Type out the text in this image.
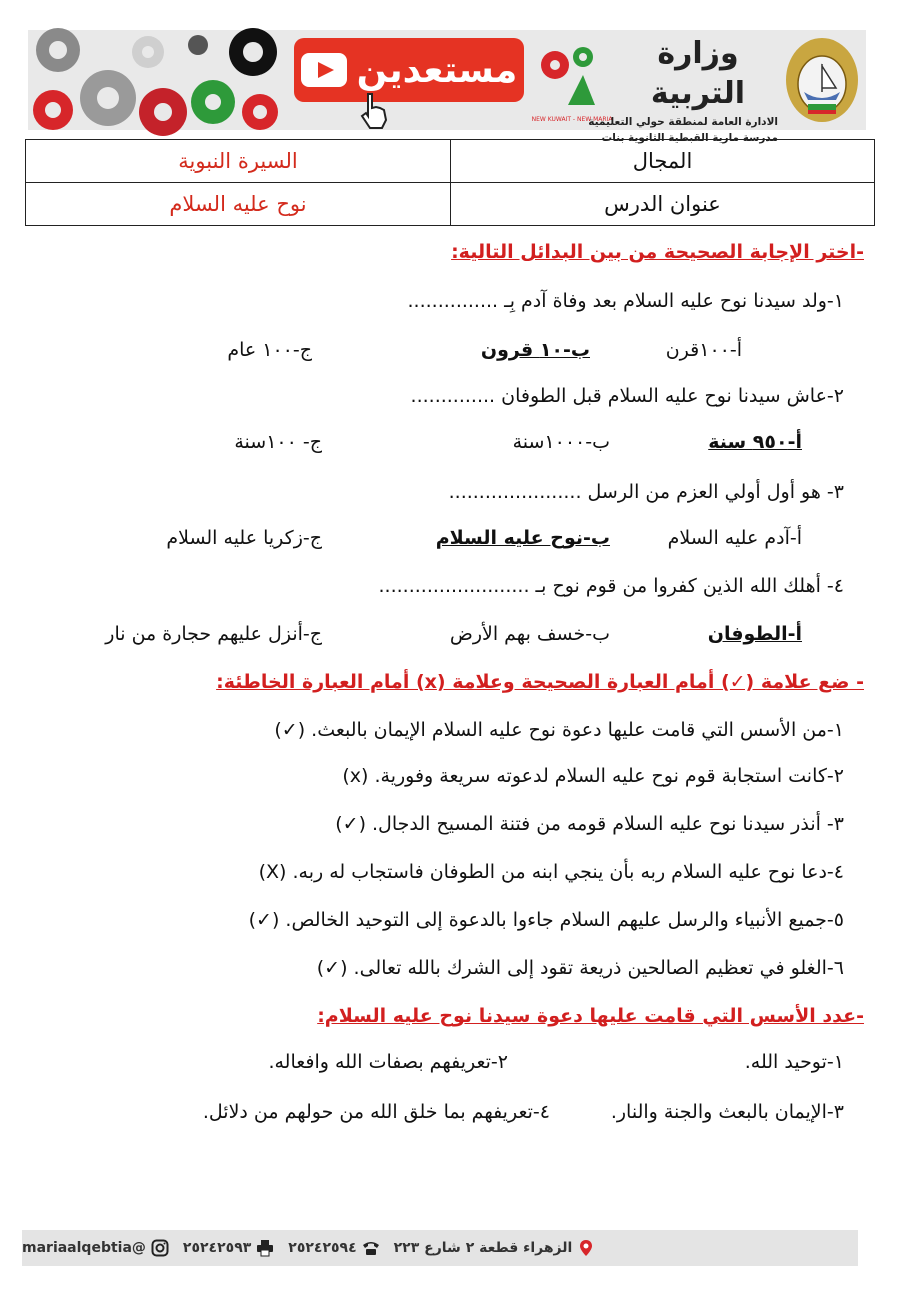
مستعدين
NEW KUWAIT - NEW MARIA
وزارة التربية
الادارة العامة لمنطقة حولي التعليمية
مدرسة مارية القبطية الثانوية بنات
المجال	السيرة النبوية
عنوان الدرس	نوح عليه السلام
-اختر الإجابة الصحيحة من بين البدائل التالية:
١-ولد سيدنا نوح عليه السلام بعد وفاة آدم بِـ ...............
أ-١٠٠قرن
ب-١٠ قرون
ج-١٠٠ عام
٢-عاش سيدنا نوح عليه السلام قبل الطوفان ..............
أ-٩٥٠ سنة
ب-١٠٠٠سنة
ج- ١٠٠سنة
٣- هو أول أولي العزم من الرسل ......................
أ-آدم عليه السلام
ب-نوح عليه السلام
ج-زكريا عليه السلام
٤- أهلك الله الذين كفروا من قوم نوح بـ .........................
أ-الطوفان
ب-خسف بهم الأرض
ج-أنزل عليهم حجارة من نار
- ضع علامة (✓) أمام العبارة الصحيحة وعلامة (x) أمام العبارة الخاطئة:
١-من الأسس التي قامت عليها دعوة نوح عليه السلام الإيمان بالبعث. (✓)
٢-كانت استجابة قوم نوح عليه السلام لدعوته سريعة وفورية. (x)
٣- أنذر سيدنا نوح عليه السلام قومه من فتنة المسيح الدجال. (✓)
٤-دعا نوح عليه السلام ربه بأن ينجي ابنه من الطوفان فاستجاب له ربه. (X)
٥-جميع الأنبياء والرسل عليهم السلام جاءوا بالدعوة إلى التوحيد الخالص. (✓)
٦-الغلو في تعظيم الصالحين ذريعة تقود إلى الشرك بالله تعالى. (✓)
-عدد الأسس التي قامت عليها دعوة سيدنا نوح عليه السلام:
١-توحيد الله.
٢-تعريفهم بصفات الله وافعاله.
٣-الإيمان بالبعث والجنة والنار.
٤-تعريفهم بما خلق الله من حولهم من دلائل.
الزهراء قطعة ٢ شارع ٢٢٣
٢٥٢٤٢٥٩٤
٢٥٢٤٢٥٩٣
@mariaalqebtia
